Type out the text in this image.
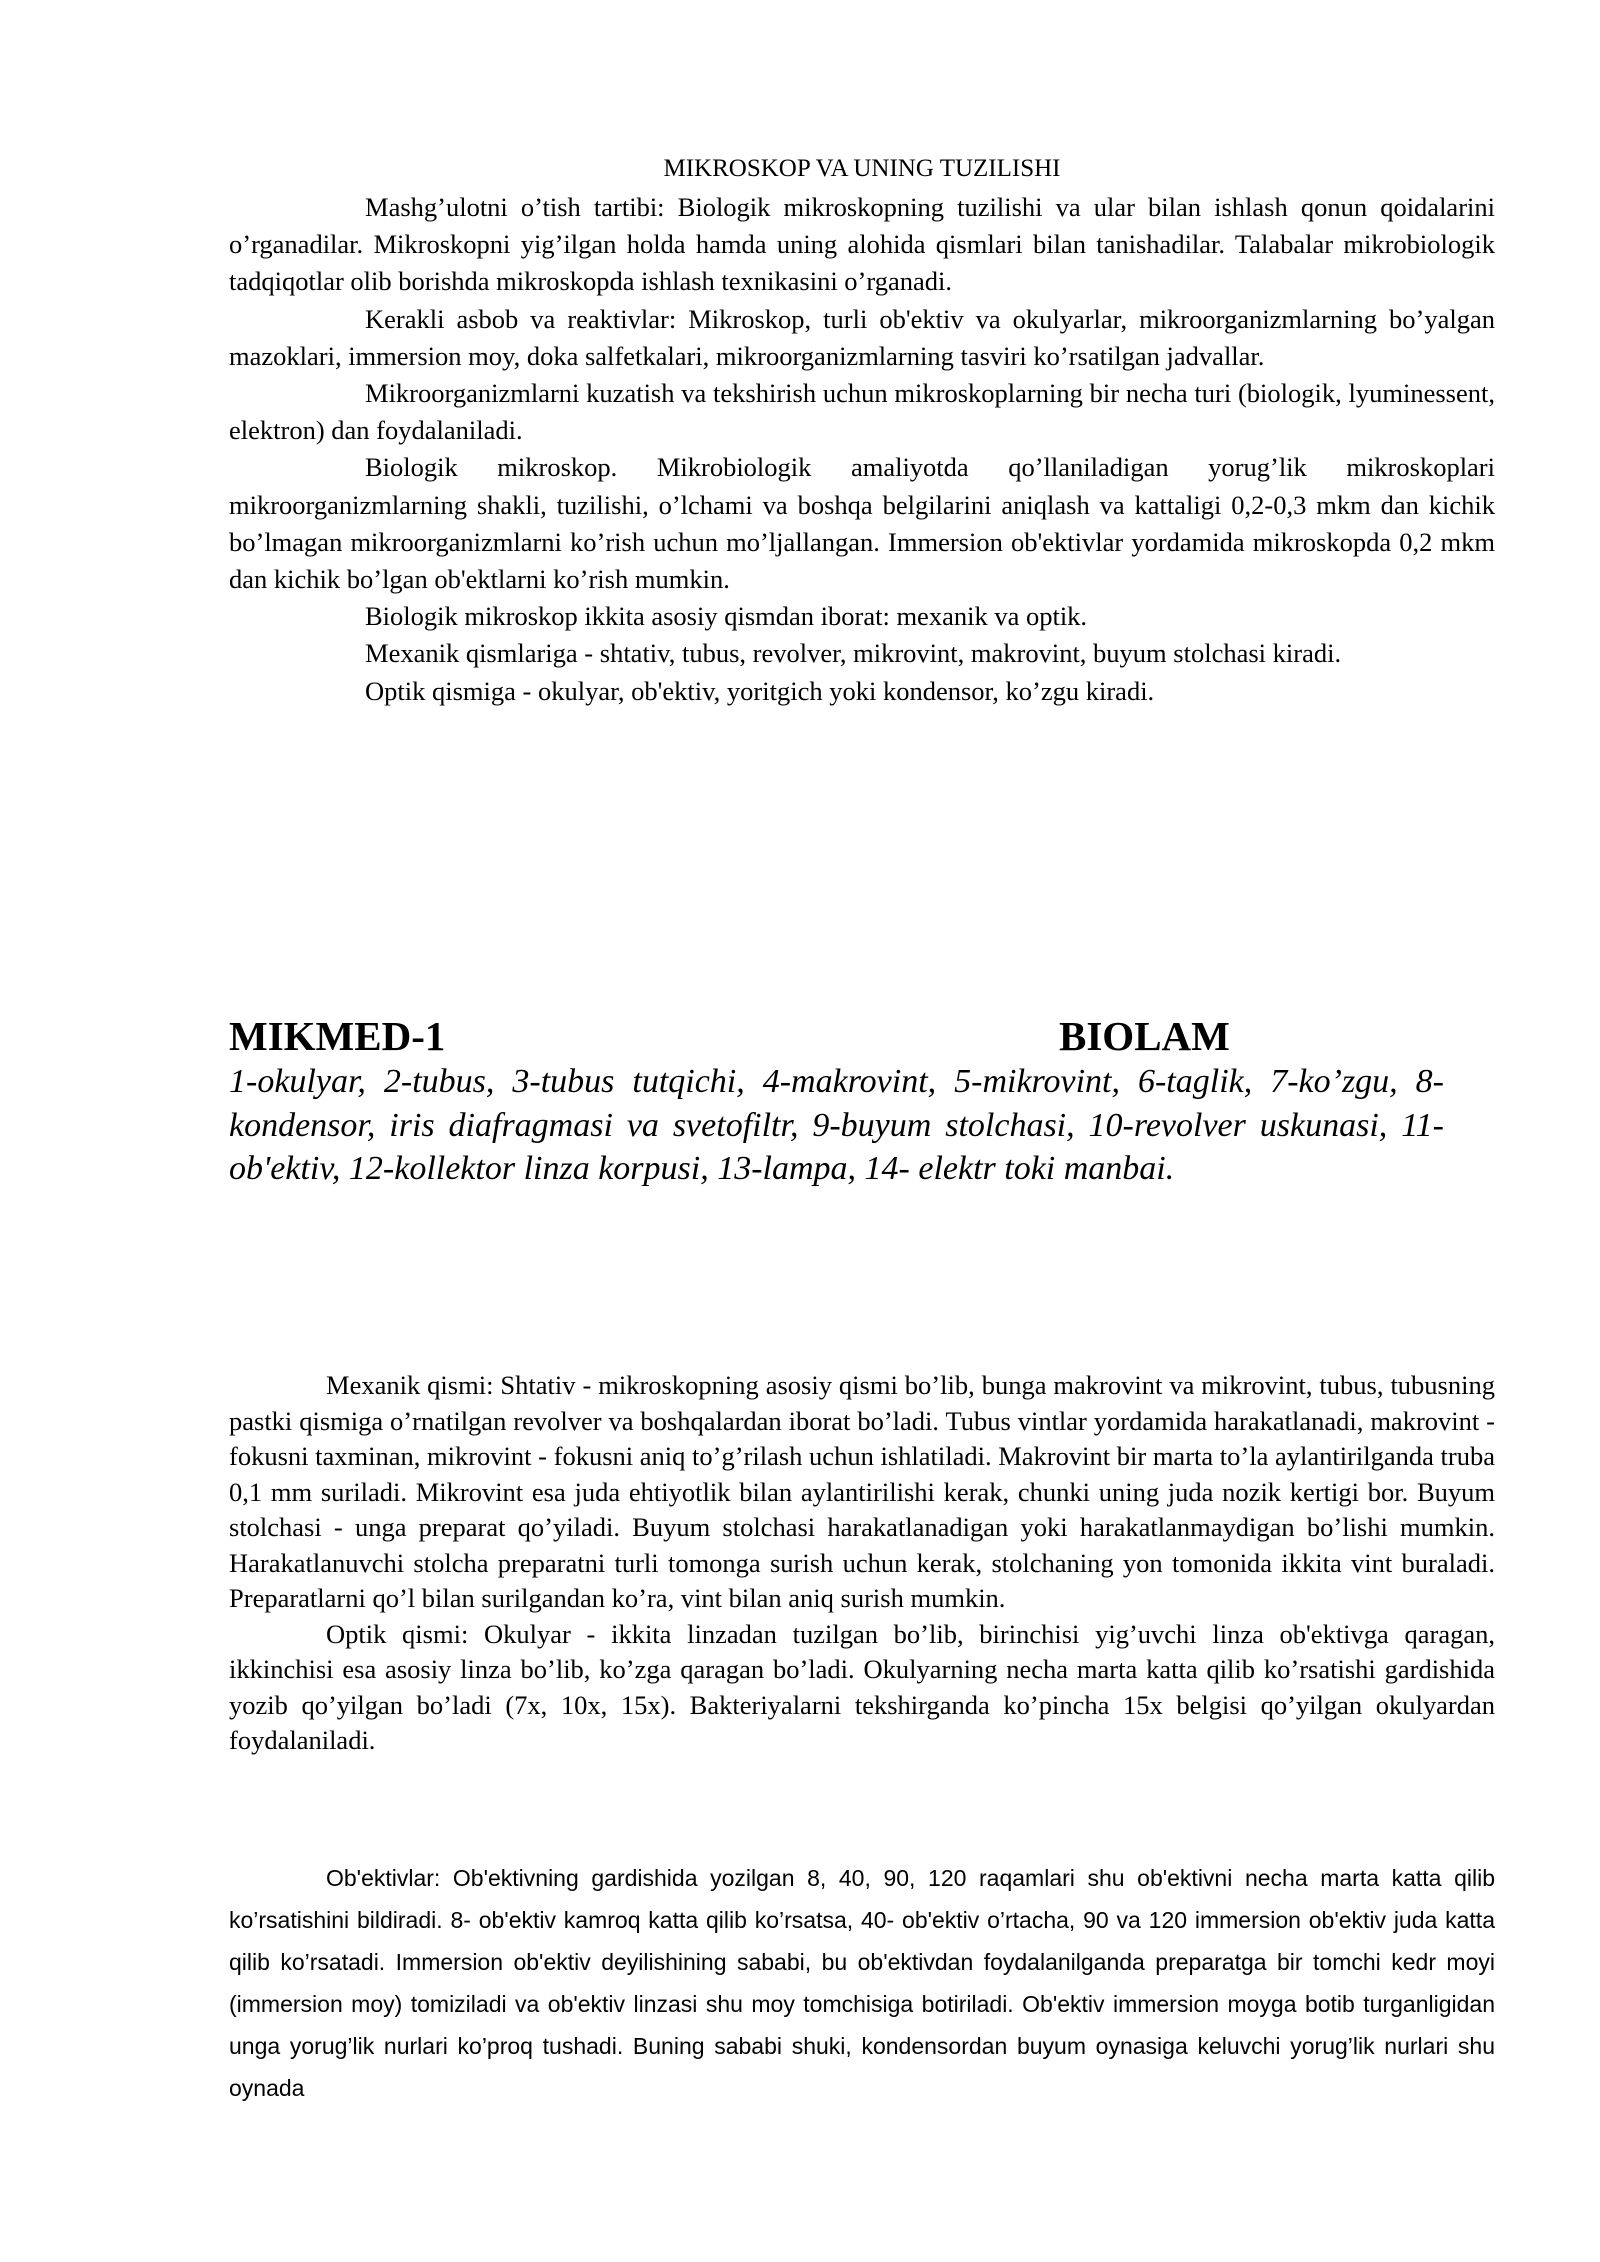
MIKROSKOP VA UNING TUZILISHI

Mashg’ulotni o’tish tartibi: Biologik mikroskopning tuzilishi va ular bilan ishlash qonun qoidalarini o’rganadilar. Mikroskopni yig’ilgan holda hamda uning alohida qismlari bilan tanishadilar. Talabalar mikrobiologik tadqiqotlar olib borishda mikroskopda ishlash texnikasini o’rganadi.

Kerakli asbob va reaktivlar: Mikroskop, turli ob'ektiv va okulyarlar, mikroorganizmlarning bo’yalgan mazoklari, immersion moy, doka salfetkalari, mikroorganizmlarning tasviri ko’rsatilgan jadvallar.

Mikroorganizmlarni kuzatish va tekshirish uchun mikroskoplarning bir necha turi (biologik, lyuminessent, elektron) dan foydalaniladi.

Biologik mikroskop. Mikrobiologik amaliyotda qo’llaniladigan yorug’lik mikroskoplari mikroorganizmlarning shakli, tuzilishi, o’lchami va boshqa belgilarini aniqlash va kattaligi 0,2-0,3 mkm dan kichik bo’lmagan mikroorganizmlarni ko’rish uchun mo’ljallangan. Immersion ob'ektivlar yordamida mikroskopda 0,2 mkm dan kichik bo’lgan ob'ektlarni ko’rish mumkin.

Biologik mikroskop ikkita asosiy qismdan iborat: mexanik va optik.

Mexanik qismlariga - shtativ, tubus, revolver, mikrovint, makrovint, buyum stolchasi kiradi.

Optik qismiga - okulyar, ob'ektiv, yoritgich yoki kondensor, ko’zgu kiradi.

MIKMED-1	BIOLAM

1-okulyar, 2-tubus, 3-tubus tutqichi, 4-makrovint, 5-mikrovint, 6-taglik, 7-ko’zgu, 8-kondensor, iris diafragmasi va svetofiltr, 9-buyum stolchasi, 10-revolver uskunasi, 11-ob'ektiv, 12-kollektor linza korpusi, 13-lampa, 14- elektr toki manbai.

Mexanik qismi: Shtativ - mikroskopning asosiy qismi bo’lib, bunga makrovint va mikrovint, tubus, tubusning pastki qismiga o’rnatilgan revolver va boshqalardan iborat bo’ladi. Tubus vintlar yordamida harakatlanadi, makrovint - fokusni taxminan, mikrovint - fokusni aniq to’g’rilash uchun ishlatiladi. Makrovint bir marta to’la aylantirilganda truba 0,1 mm suriladi. Mikrovint esa juda ehtiyotlik bilan aylantirilishi kerak, chunki uning juda nozik kertigi bor. Buyum stolchasi - unga preparat qo’yiladi. Buyum stolchasi harakatlanadigan yoki harakatlanmaydigan bo’lishi mumkin. Harakatlanuvchi stolcha preparatni turli tomonga surish uchun kerak, stolchaning yon tomonida ikkita vint buraladi. Preparatlarni qo’l bilan surilgandan ko’ra, vint bilan aniq surish mumkin.

Optik qismi: Okulyar - ikkita linzadan tuzilgan bo’lib, birinchisi yig’uvchi linza ob'ektivga qaragan, ikkinchisi esa asosiy linza bo’lib, ko’zga qaragan bo’ladi. Okulyarning necha marta katta qilib ko’rsatishi gardishida yozib qo’yilgan bo’ladi (7x, 10x, 15x). Bakteriyalarni tekshirganda ko’pincha 15x belgisi qo’yilgan okulyardan foydalaniladi.

Ob'ektivlar: Ob'ektivning gardishida yozilgan 8, 40, 90, 120 raqamlari shu ob'ektivni necha marta katta qilib ko’rsatishini bildiradi. 8- ob'ektiv kamroq katta qilib ko’rsatsa, 40- ob'ektiv o’rtacha, 90 va 120 immersion ob'ektiv juda katta qilib ko’rsatadi. Immersion ob'ektiv deyilishining sababi, bu ob'ektivdan foydalanilganda preparatga bir tomchi kedr moyi (immersion moy) tomiziladi va ob'ektiv linzasi shu moy tomchisiga botiriladi. Ob'ektiv immersion moyga botib turganligidan unga yorug’lik nurlari ko’proq tushadi. Buning sababi shuki, kondensordan buyum oynasiga keluvchi yorug’lik nurlari shu oynada
